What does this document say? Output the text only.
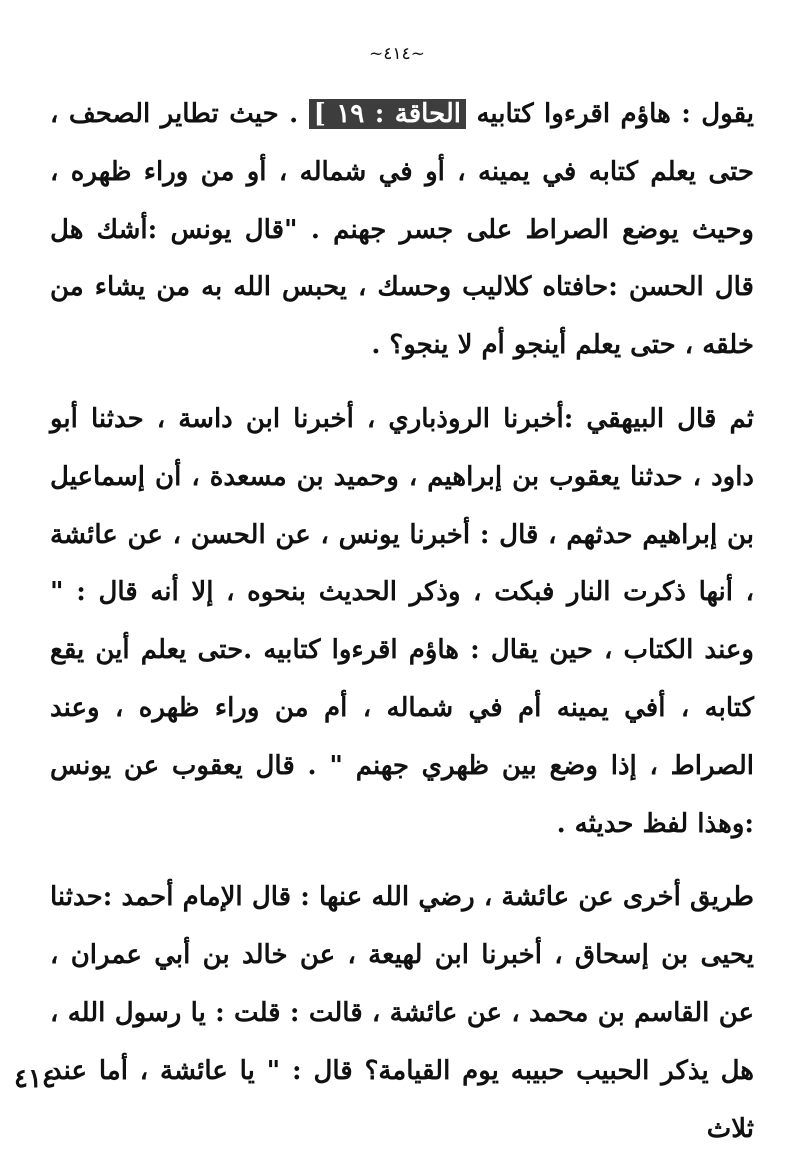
~٤١٤~

يقول : هاؤم اقرءوا كتابيه الحاقة : ١٩ ] . حيث تطاير الصحف ، حتى يعلم كتابه في يمينه ، أو في شماله ، أو من وراء ظهره ، وحيث يوضع الصراط على جسر جهنم . "قال يونس :أشك هل قال الحسن :حافتاه كلاليب وحسك ، يحبس الله به من يشاء من خلقه ، حتى يعلم أينجو أم لا ينجو؟ .

ثم قال البيهقي :أخبرنا الروذباري ، أخبرنا ابن داسة ، حدثنا أبو داود ، حدثنا يعقوب بن إبراهيم ، وحميد بن مسعدة ، أن إسماعيل بن إبراهيم حدثهم ، قال : أخبرنا يونس ، عن الحسن ، عن عائشة ، أنها ذكرت النار فبكت ، وذكر الحديث بنحوه ، إلا أنه قال : " وعند الكتاب ، حين يقال : هاؤم اقرءوا كتابيه .حتى يعلم أين يقع كتابه ، أفي يمينه أم في شماله ، أم من وراء ظهره ، وعند الصراط ، إذا وضع بين ظهري جهنم " . قال يعقوب عن يونس :وهذا لفظ حديثه .

طريق أخرى عن عائشة ، رضي الله عنها : قال الإمام أحمد :حدثنا يحيى بن إسحاق ، أخبرنا ابن لهيعة ، عن خالد بن أبي عمران ، عن القاسم بن محمد ، عن عائشة ، قالت : قلت : يا رسول الله ، هل يذكر الحبيب حبيبه يوم القيامة؟ قال : " يا عائشة ، أما عند ثلاث

٤١٤
